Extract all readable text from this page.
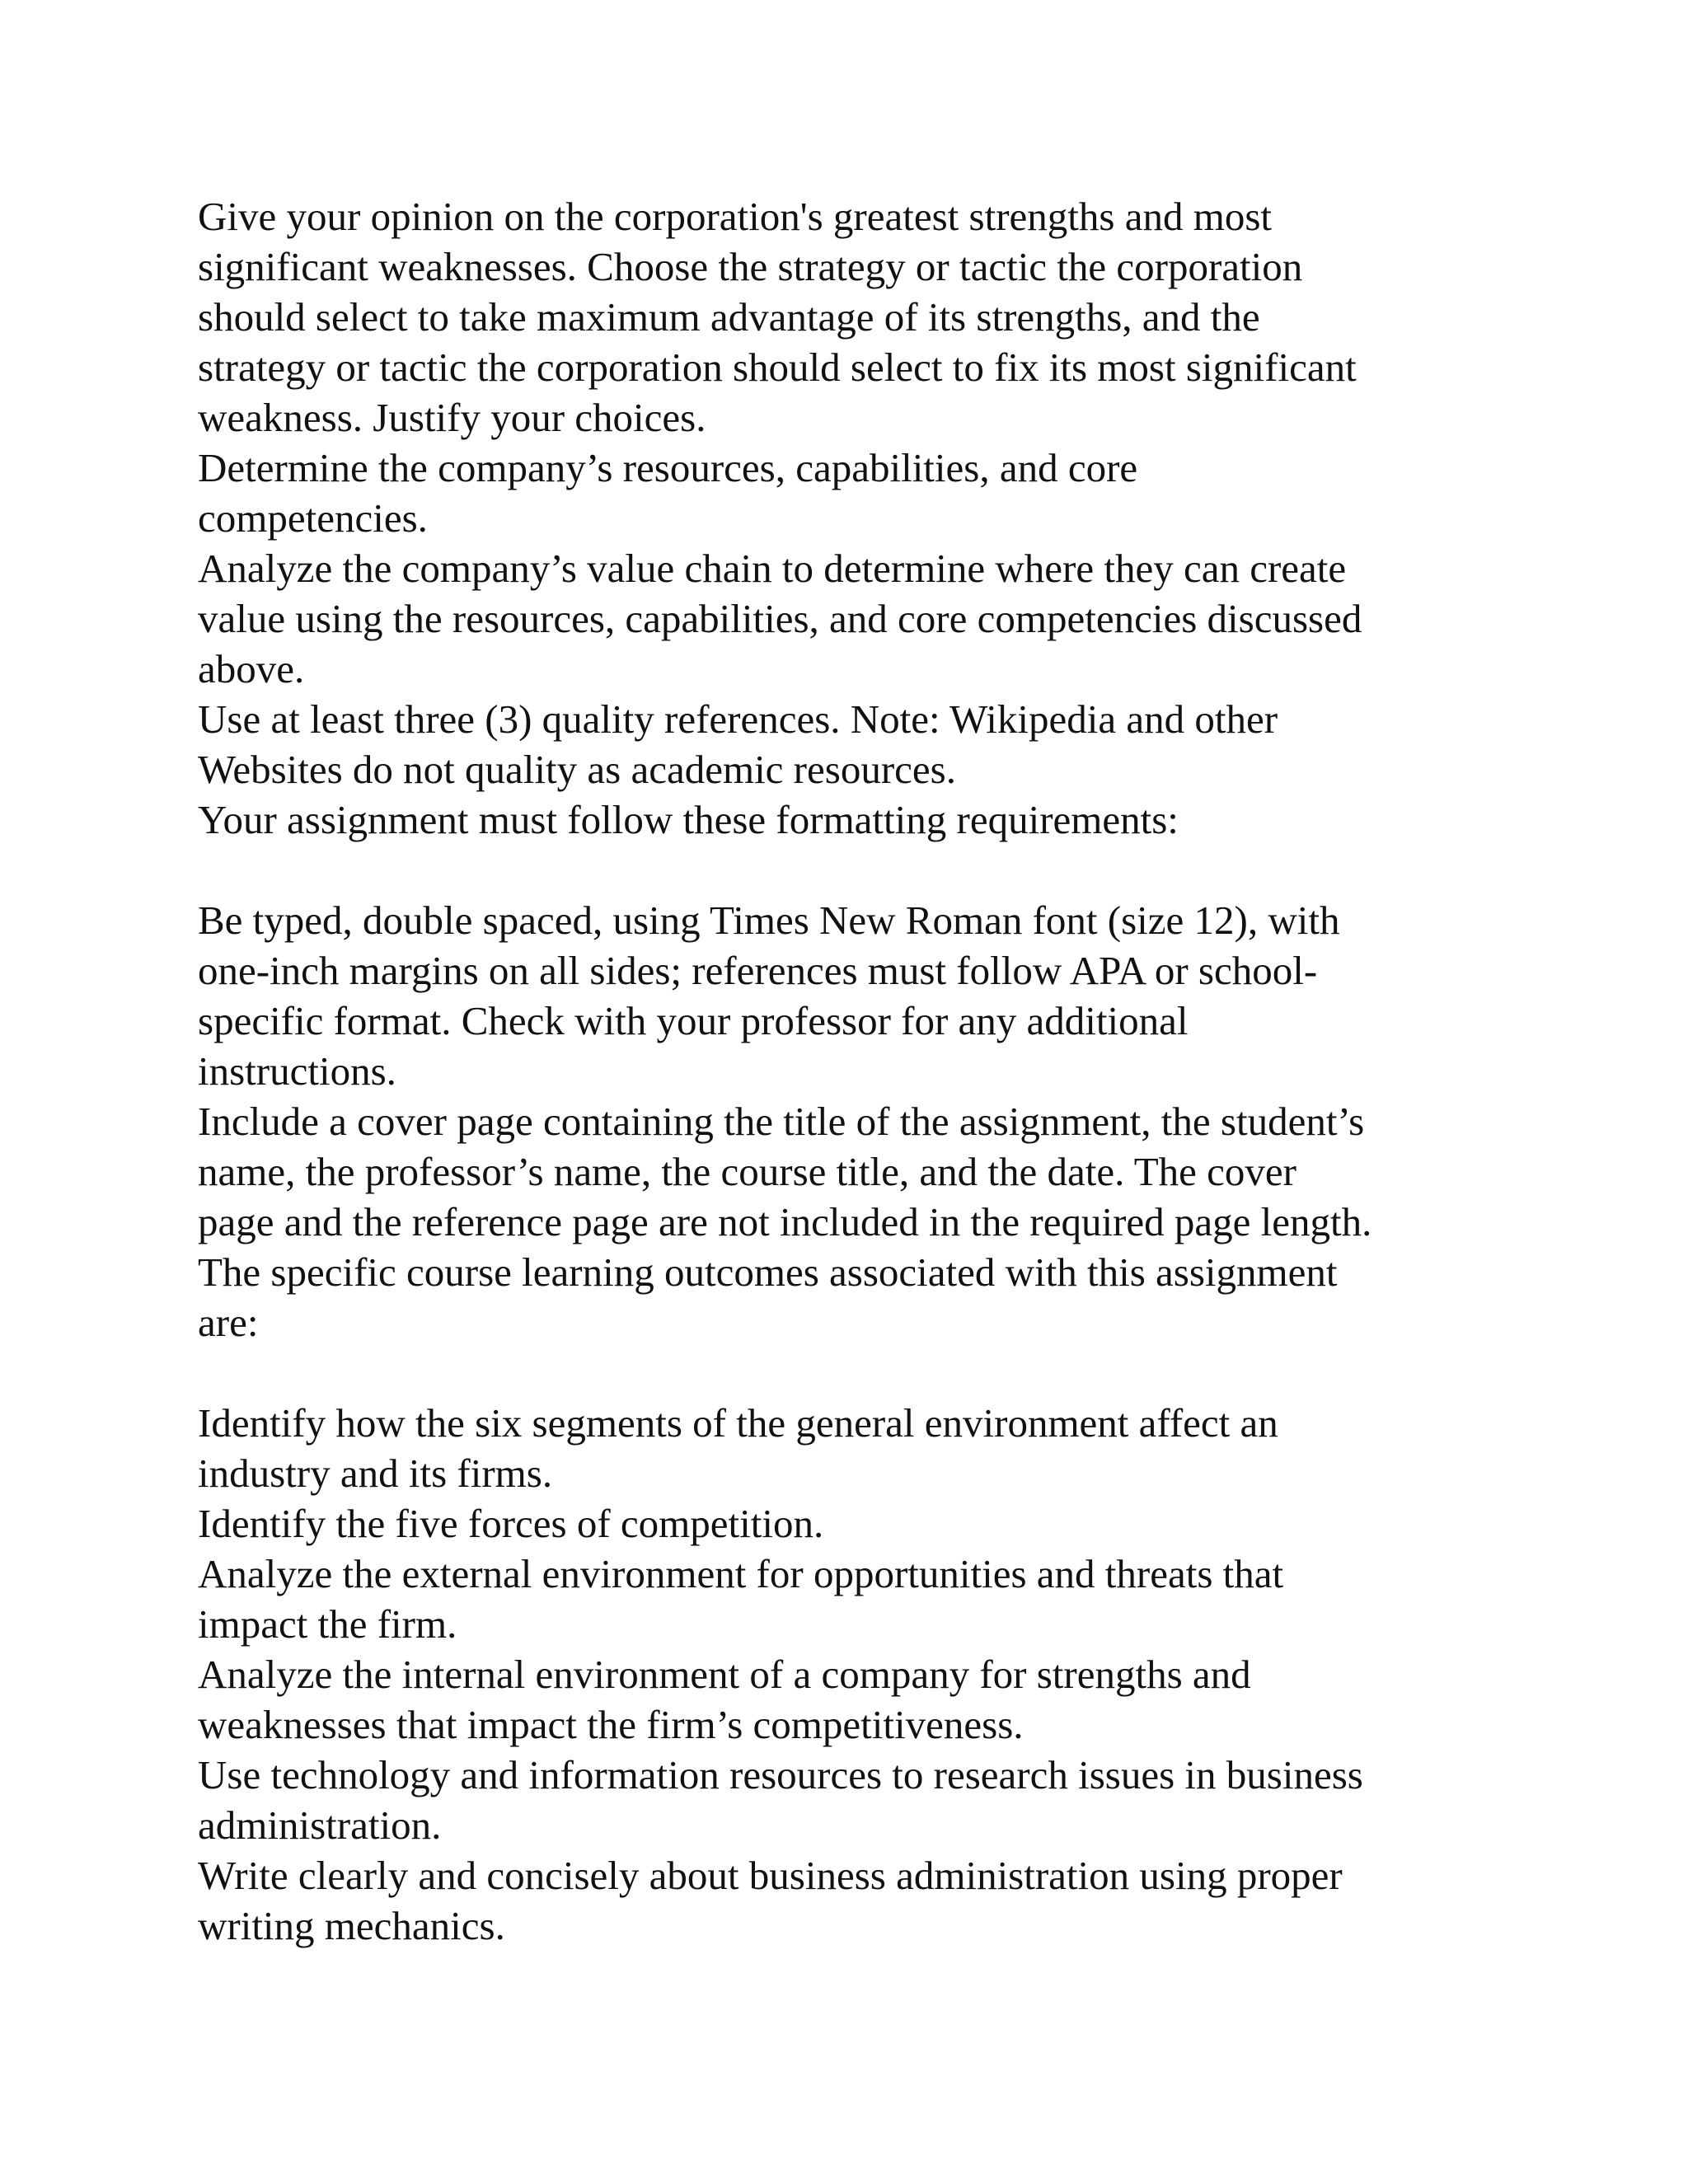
Give your opinion on the corporation's greatest strengths and most
significant weaknesses. Choose the strategy or tactic the corporation
should select to take maximum advantage of its strengths, and the
strategy or tactic the corporation should select to fix its most significant
weakness. Justify your choices.
Determine the company’s resources, capabilities, and core
competencies.
Analyze the company’s value chain to determine where they can create
value using the resources, capabilities, and core competencies discussed
above.
Use at least three (3) quality references. Note: Wikipedia and other
Websites do not quality as academic resources.
Your assignment must follow these formatting requirements:
Be typed, double spaced, using Times New Roman font (size 12), with
one-inch margins on all sides; references must follow APA or school-
specific format. Check with your professor for any additional
instructions.
Include a cover page containing the title of the assignment, the student’s
name, the professor’s name, the course title, and the date. The cover
page and the reference page are not included in the required page length.
The specific course learning outcomes associated with this assignment
are:
Identify how the six segments of the general environment affect an
industry and its firms.
Identify the five forces of competition.
Analyze the external environment for opportunities and threats that
impact the firm.
Analyze the internal environment of a company for strengths and
weaknesses that impact the firm’s competitiveness.
Use technology and information resources to research issues in business
administration.
Write clearly and concisely about business administration using proper
writing mechanics.
